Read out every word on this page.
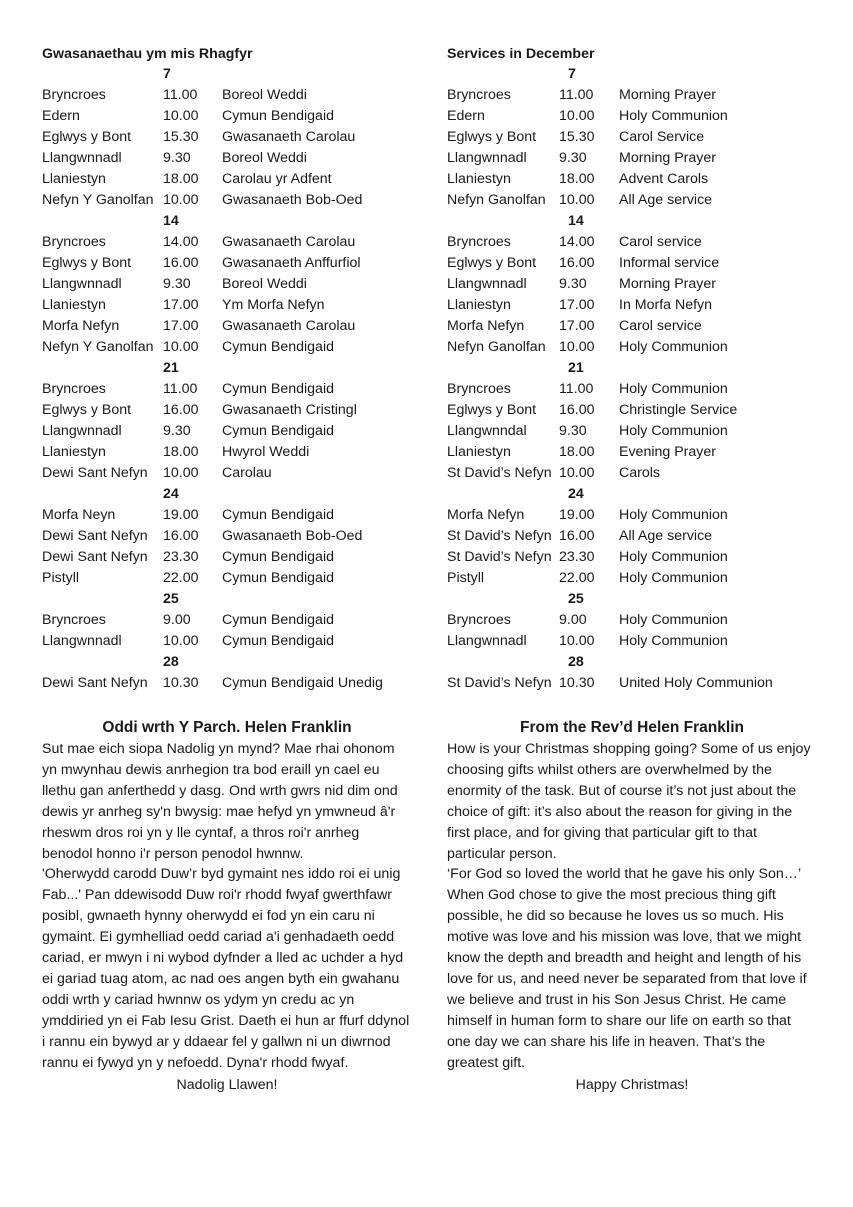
Gwasanaethau ym mis Rhagfyr
7
Bryncroes	11.00 Boreol Weddi
Edern	10.00 Cymun Bendigaid
Eglwys y Bont 15.30 Gwasanaeth Carolau
Llangwnnadl	9.30 Boreol Weddi
Llaniestyn	18.00 Carolau yr Adfent
Nefyn Y Ganolfan 10.00 Gwasanaeth Bob-Oed
14
Bryncroes	14.00 Gwasanaeth Carolau
Eglwys y Bont 16.00 Gwasanaeth Anffurfiol
Llangwnnadl	9.30 Boreol Weddi
Llaniestyn	17.00 Ym Morfa Nefyn
Morfa Nefyn	17.00 Gwasanaeth Carolau
Nefyn Y Ganolfan 10.00 Cymun Bendigaid
21
Bryncroes	11.00 Cymun Bendigaid
Eglwys y Bont 16.00 Gwasanaeth Cristingl
Llangwnnadl	9.30 Cymun Bendigaid
Llaniestyn	18.00 Hwyrol Weddi
Dewi Sant Nefyn 10.00 Carolau
24
Morfa Neyn	19.00 Cymun Bendigaid
Dewi Sant Nefyn 16.00 Gwasanaeth Bob-Oed
Dewi Sant Nefyn 23.30 Cymun Bendigaid
Pistyll	22.00 Cymun Bendigaid
25
Bryncroes	9.00 Cymun Bendigaid
Llangwnnadl	10.00 Cymun Bendigaid
28
Dewi Sant Nefyn 10.30 Cymun Bendigaid Unedig
Services in December
7
Bryncroes	11.00 Morning Prayer
Edern	10.00 Holy Communion
Eglwys y Bont 15.30 Carol Service
Llangwnnadl 9.30 Morning Prayer
Llaniestyn	18.00 Advent Carols
Nefyn Ganolfan 10.00 All Age service
14
Bryncroes	14.00 Carol service
Eglwys y Bont 16.00 Informal service
Llangwnnadl 9.30 Morning Prayer
Llaniestyn	17.00 In Morfa Nefyn
Morfa Nefyn 17.00 Carol service
Nefyn Ganolfan 10.00 Holy Communion
21
Bryncroes	11.00 Holy Communion
Eglwys y Bont 16.00 Christingle Service
Llangwnndal 9.30 Holy Communion
Llaniestyn	18.00 Evening Prayer
St David’s Nefyn 10.00 Carols
24
Morfa Nefyn 19.00 Holy Communion
St David’s Nefyn 16.00 All Age service
St David’s Nefyn 23.30 Holy Communion
Pistyll	22.00 Holy Communion
25
Bryncroes	9.00 Holy Communion
Llangwnnadl 10.00 Holy Communion
28
St David’s Nefyn 10.30 United Holy Communion
Oddi wrth Y Parch. Helen Franklin

Sut mae eich siopa Nadolig yn mynd? Mae rhai ohonom yn mwynhau dewis anrhegion tra bod eraill yn cael eu llethu gan anferthedd y dasg. Ond wrth gwrs nid dim ond dewis yr anrheg sy'n bwysig: mae hefyd yn ymwneud â'r rheswm dros roi yn y lle cyntaf, a thros roi'r anrheg benodol honno i'r person penodol hwnnw.

'Oherwydd carodd Duw’r byd gymaint nes iddo roi ei unig Fab...' Pan ddewisodd Duw roi'r rhodd fwyaf gwerthfawr posibl, gwnaeth hynny oherwydd ei fod yn ein caru ni gymaint. Ei gymhelliad oedd cariad a'i genhadaeth oedd cariad, er mwyn i ni wybod dyfnder a lled ac uchder a hyd ei gariad tuag atom, ac nad oes angen byth ein gwahanu oddi wrth y cariad hwnnw os ydym yn credu ac yn ymddiried yn ei Fab Iesu Grist. Daeth ei hun ar ffurf ddynol i rannu ein bywyd ar y ddaear fel y gallwn ni un diwrnod rannu ei fywyd yn y nefoedd. Dyna'r rhodd fwyaf.

Nadolig Llawen!
From the Rev’d Helen Franklin

How is your Christmas shopping going? Some of us enjoy choosing gifts whilst others are overwhelmed by the enormity of the task. But of course it’s not just about the choice of gift: it’s also about the reason for giving in the first place, and for giving that particular gift to that particular person.

‘For God so loved the world that he gave his only Son…’ When God chose to give the most precious thing gift possible, he did so because he loves us so much. His motive was love and his mission was love, that we might know the depth and breadth and height and length of his love for us, and need never be separated from that love if we believe and trust in his Son Jesus Christ. He came himself in human form to share our life on earth so that one day we can share his life in heaven. That’s the greatest gift.

Happy Christmas!
